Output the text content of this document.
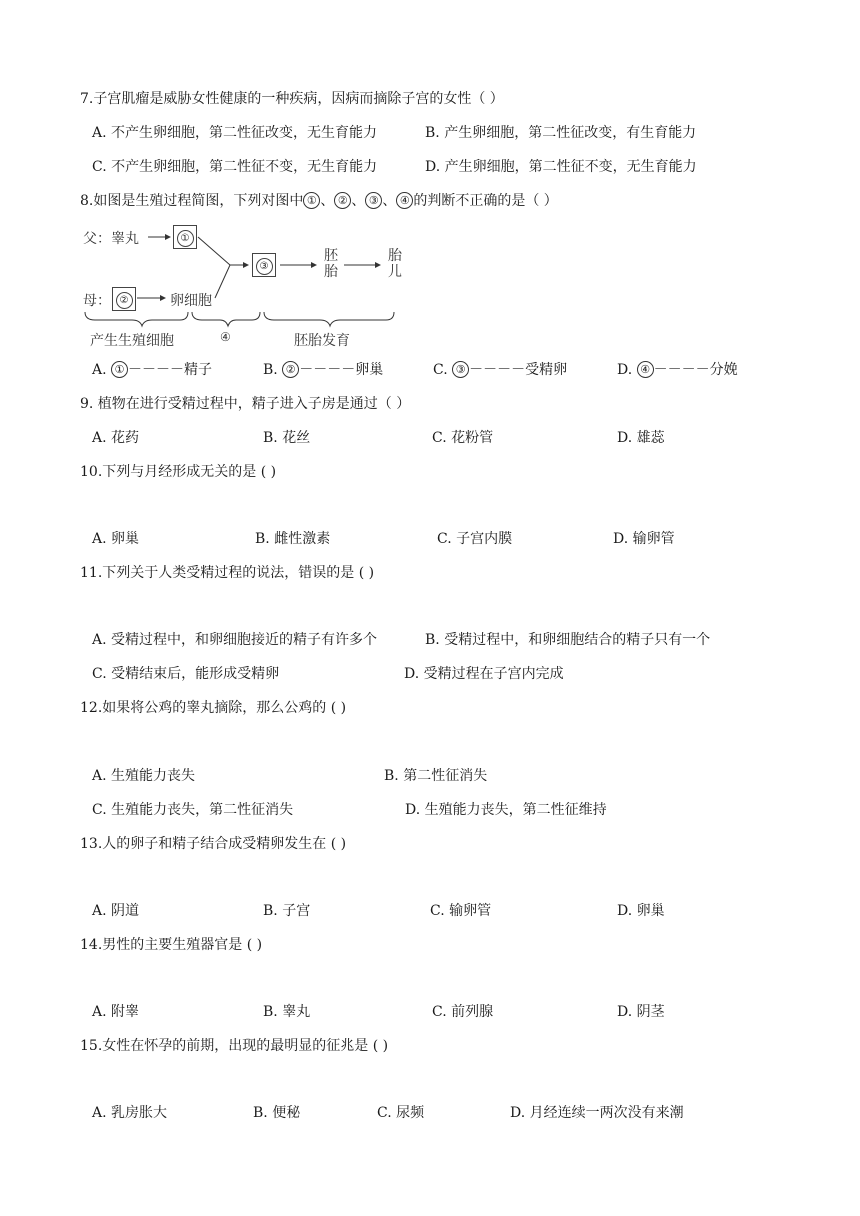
7.子宫肌瘤是威胁女性健康的一种疾病，因病而摘除子宫的女性（ ）
A. 不产生卵细胞，第二性征改变，无生育能力	B. 产生卵细胞，第二性征改变，有生育能力
C. 不产生卵细胞，第二性征不变，无生育能力	D. 产生卵细胞，第二性征不变，无生育能力
8.如图是生殖过程简图，下列对图中 ① 、 ② 、 ③ 、 ④ 的判断不正确的是（ ）
父：睾丸	①
母： ②	卵细胞
③
胚
胎
胎
儿
产生生殖细胞	④	胚胎发育
A. ① －－－－精子	B. ② －－－－卵巢	C. ③ －－－－受精卵	D. ④ －－－－分娩
9. 植物在进行受精过程中，精子进入子房是通过（ ）
A. 花药	B. 花丝	C. 花粉管	D. 雄蕊
10.下列与月经形成无关的是 ( )
A. 卵巢	B. 雌性激素	C. 子宫内膜	D. 输卵管
11.下列关于人类受精过程的说法，错误的是 ( )
A. 受精过程中，和卵细胞接近的精子有许多个	B. 受精过程中，和卵细胞结合的精子只有一个
C. 受精结束后，能形成受精卵	D. 受精过程在子宫内完成
12.如果将公鸡的睾丸摘除，那么公鸡的 ( )
A. 生殖能力丧失	B. 第二性征消失
C. 生殖能力丧失，第二性征消失	D. 生殖能力丧失，第二性征维持
13.人的卵子和精子结合成受精卵发生在 ( )
A. 阴道	B. 子宫	C. 输卵管	D. 卵巢
14.男性的主要生殖器官是 ( )
A. 附睾	B. 睾丸	C. 前列腺	D. 阴茎
15.女性在怀孕的前期，出现的最明显的征兆是 ( )
A. 乳房胀大	B. 便秘	C. 尿频	D. 月经连续一两次没有来潮
